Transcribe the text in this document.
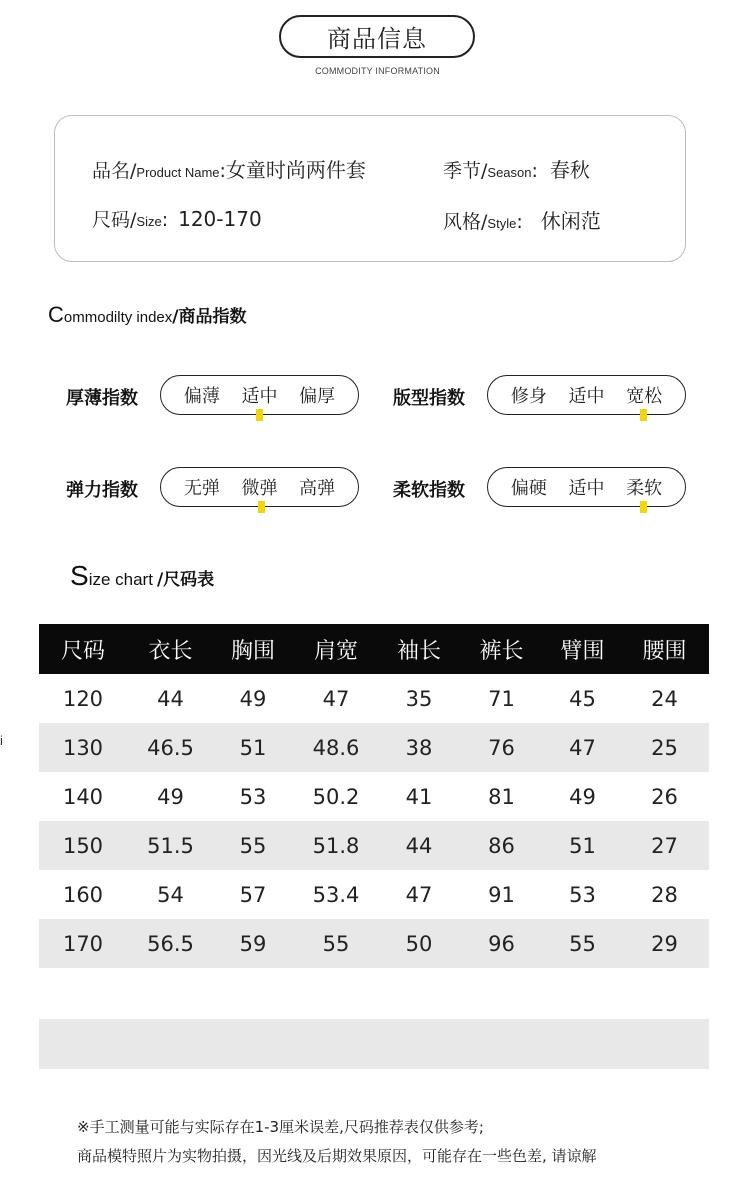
商品信息
COMMODITY INFORMATION
品名/ Product Name : 女童时尚两件套	季节/ Season : 春秋
尺码/ Size : 120-170	风格/ Style : 休闲范
C ommodilty index /商品指数
厚薄指数	偏薄 适中 偏厚	版型指数	修身 适中 宽松
弹力指数	无弹 微弹 高弹	柔软指数	偏硬 适中 柔软
S ize chart /尺码表
尺码	衣长	胸围	肩宽	袖长	裤长	臂围	腰围
120	44	49	47	35	71	45	24
130	46.5	51	48.6	38	76	47	25
140	49	53	50.2	41	81	49	26
150	51.5	55	51.8	44	86	51	27
160	54	57	53.4	47	91	53	28
170	56.5	59	55	50	96	55	29
i
※手工测量可能与实际存在1-3厘米误差,尺码推荐表仅供参考;
商品模特照片为实物拍摄，因光线及后期效果原因，可能存在一些色差, 请谅解
